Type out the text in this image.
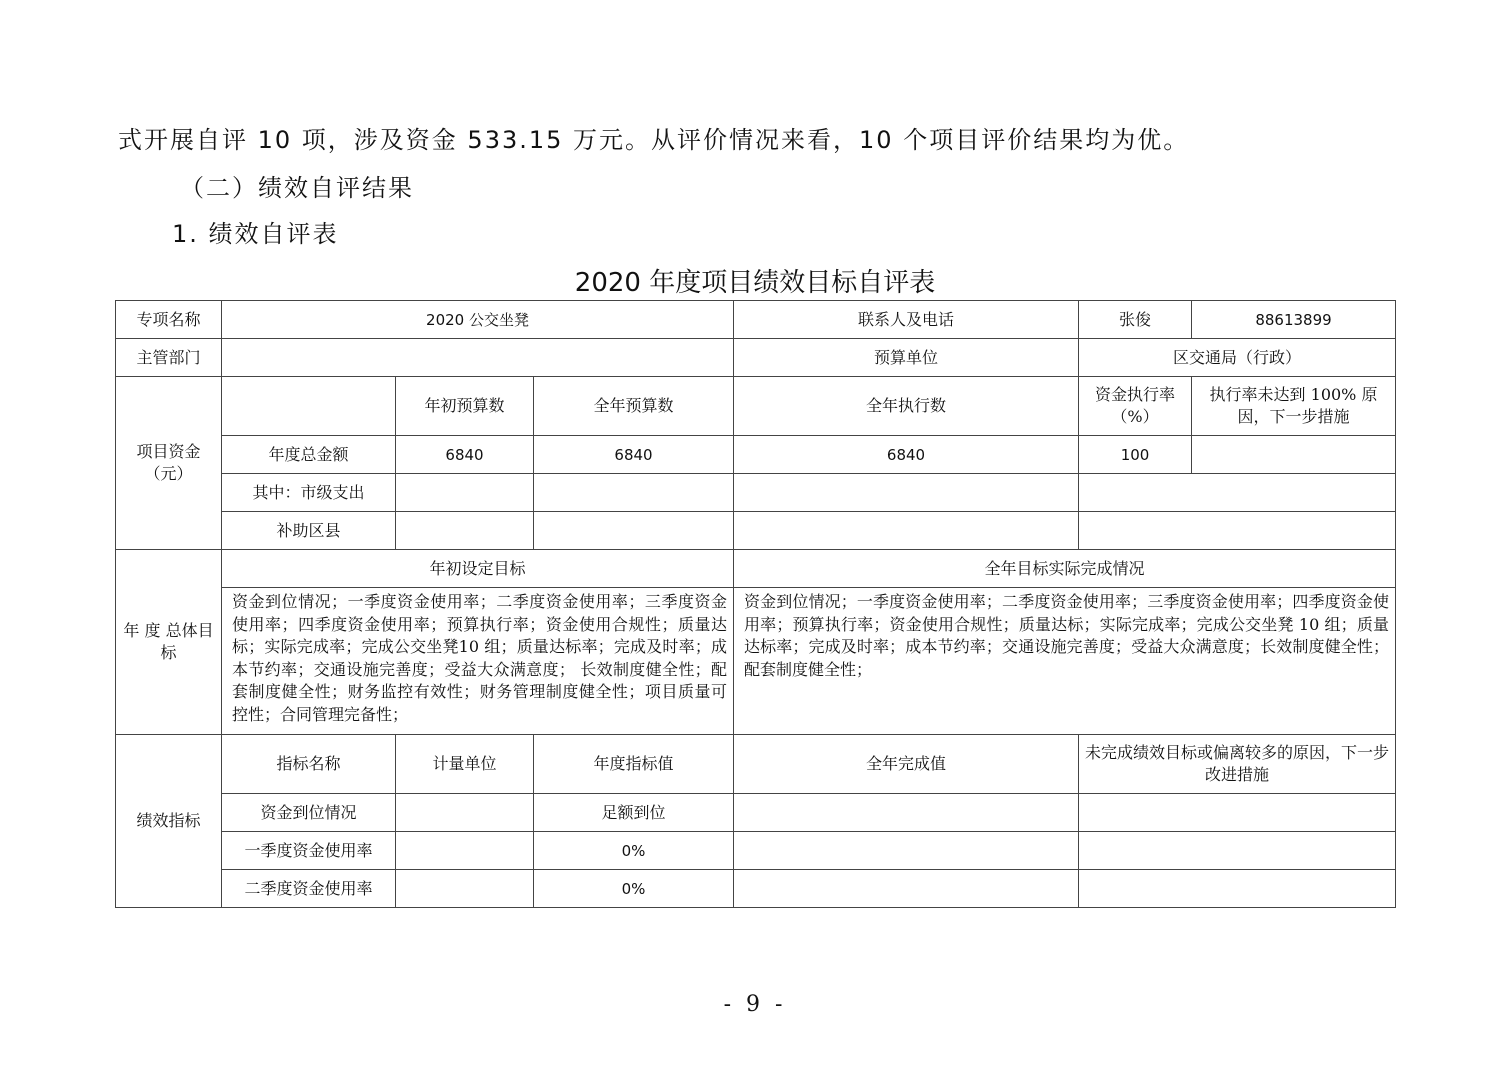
式开展自评 10 项，涉及资金 533.15 万元。从评价情况来看，10 个项目评价结果均为优。
（二）绩效自评结果
1. 绩效自评表
2020 年度项目绩效目标自评表
专项名称	2020 公交坐凳			联系人及电话	张俊	88613899
主管部门				预算单位	区交通局（行政）	
项目资金（元）		年初预算数	全年预算数	全年执行数	资金执行率（%）	执行率未达到 100% 原因，下一步措施
	年度总金额	6840	6840	6840	100	
	其中：市级支出					
	补助区县					
年 度 总体目标	年初设定目标			全年目标实际完成情况		
	资金到位情况；一季度资金使用率；二季度资金使用率；三季度资金使用率；四季度资金使用率；预算执行率；资金使用合规性；质量达标；实际完成率；完成公交坐凳10 组；质量达标率；完成及时率；成本节约率；交通设施完善度；受益大众满意度； 长效制度健全性；配套制度健全性；财务监控有效性；财务管理制度健全性；项目质量可控性；合同管理完备性；			资金到位情况；一季度资金使用率；二季度资金使用率；三季度资金使用率；四季度资金使用率；预算执行率；资金使用合规性；质量达标；实际完成率；完成公交坐凳 10 组；质量达标率；完成及时率；成本节约率；交通设施完善度；受益大众满意度；长效制度健全性；配套制度健全性；		
绩效指标	指标名称	计量单位	年度指标值	全年完成值	未完成绩效目标或偏离较多的原因，下一步改进措施	
	资金到位情况		足额到位			
	一季度资金使用率		0%			
	二季度资金使用率		0%			
- 9 -
